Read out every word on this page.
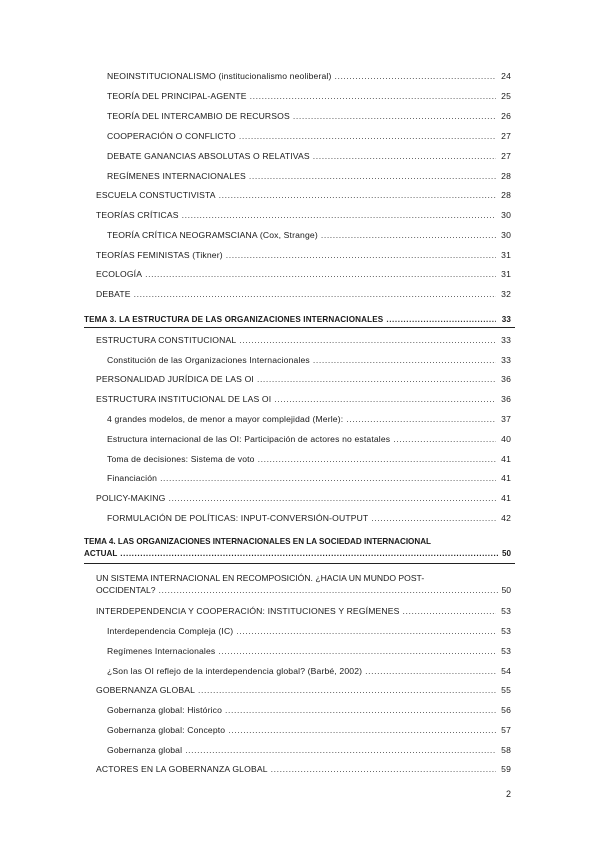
NEOINSTITUCIONALISMO (institucionalismo neoliberal) .....	24
TEORÍA DEL PRINCIPAL-AGENTE .....	25
TEORÍA DEL INTERCAMBIO DE RECURSOS .....	26
COOPERACIÓN O CONFLICTO .....	27
DEBATE GANANCIAS ABSOLUTAS O RELATIVAS .....	27
REGÍMENES INTERNACIONALES .....	28
ESCUELA CONSTUCTIVISTA .....	28
TEORÍAS CRÍTICAS .....	30
TEORÍA CRÍTICA NEOGRAMSCIANA (Cox, Strange) .....	30
TEORÍAS FEMINISTAS (Tikner) .....	31
ECOLOGÍA .....	31
DEBATE .....	32
TEMA 3. LA ESTRUCTURA DE LAS ORGANIZACIONES INTERNACIONALES .....	33
ESTRUCTURA CONSTITUCIONAL .....	33
Constitución de las Organizaciones Internacionales .....	33
PERSONALIDAD JURÍDICA DE LAS OI .....	36
ESTRUCTURA INSTITUCIONAL DE LAS OI .....	36
4 grandes modelos, de menor a mayor complejidad (Merle): .....	37
Estructura internacional de las OI: Participación de actores no estatales .....	40
Toma de decisiones: Sistema de voto .....	41
Financiación .....	41
POLICY-MAKING .....	41
FORMULACIÓN DE POLÍTICAS: INPUT-CONVERSIÓN-OUTPUT .....	42
TEMA 4. LAS ORGANIZACIONES INTERNACIONALES EN LA SOCIEDAD INTERNACIONAL
ACTUAL .....	50
UN SISTEMA INTERNACIONAL EN RECOMPOSICIÓN. ¿HACIA UN MUNDO POST-
OCCIDENTAL? .....	50
INTERDEPENDENCIA Y COOPERACIÓN: INSTITUCIONES Y REGÍMENES .....	53
Interdependencia Compleja (IC) .....	53
Regímenes Internacionales .....	53
¿Son las OI reflejo de la interdependencia global? (Barbé, 2002) .....	54
GOBERNANZA GLOBAL .....	55
Gobernanza global: Histórico .....	56
Gobernanza global: Concepto .....	57
Gobernanza global .....	58
ACTORES EN LA GOBERNANZA GLOBAL .....	59
2
